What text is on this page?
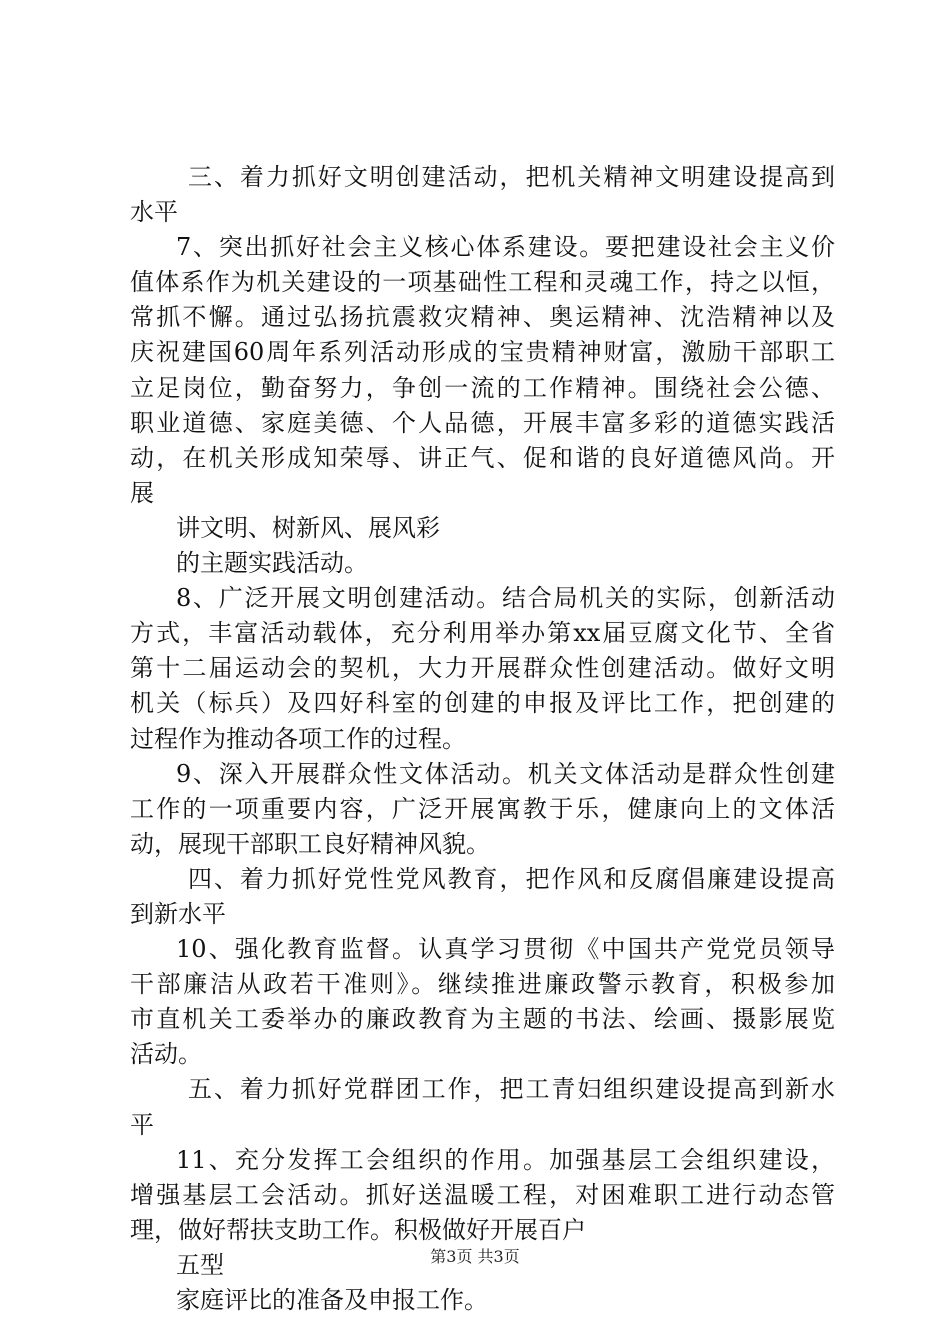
三、着力抓好文明创建活动，把机关精神文明建设提高到
水平
7、突出抓好社会主义核心体系建设。要把建设社会主义价
值体系作为机关建设的一项基础性工程和灵魂工作，持之以恒，
常抓不懈。通过弘扬抗震救灾精神、奥运精神、沈浩精神以及
庆祝建国60周年系列活动形成的宝贵精神财富，激励干部职工
立足岗位，勤奋努力，争创一流的工作精神。围绕社会公德、
职业道德、家庭美德、个人品德，开展丰富多彩的道德实践活
动，在机关形成知荣辱、讲正气、促和谐的良好道德风尚。开
展
讲文明、树新风、展风彩
的主题实践活动。
8、广泛开展文明创建活动。结合局机关的实际，创新活动
方式，丰富活动载体，充分利用举办第xx届豆腐文化节、全省
第十二届运动会的契机，大力开展群众性创建活动。做好文明
机关（标兵）及四好科室的创建的申报及评比工作，把创建的
过程作为推动各项工作的过程。
9、深入开展群众性文体活动。机关文体活动是群众性创建
工作的一项重要内容，广泛开展寓教于乐，健康向上的文体活
动，展现干部职工良好精神风貌。
四、着力抓好党性党风教育，把作风和反腐倡廉建设提高
到新水平
10、强化教育监督。认真学习贯彻《中国共产党党员领导
干部廉洁从政若干准则》。继续推进廉政警示教育，积极参加
市直机关工委举办的廉政教育为主题的书法、绘画、摄影展览
活动。
五、着力抓好党群团工作，把工青妇组织建设提高到新水
平
11、充分发挥工会组织的作用。加强基层工会组织建设，
增强基层工会活动。抓好送温暖工程，对困难职工进行动态管
理，做好帮扶支助工作。积极做好开展百户
五型
家庭评比的准备及申报工作。
第3页 共3页
